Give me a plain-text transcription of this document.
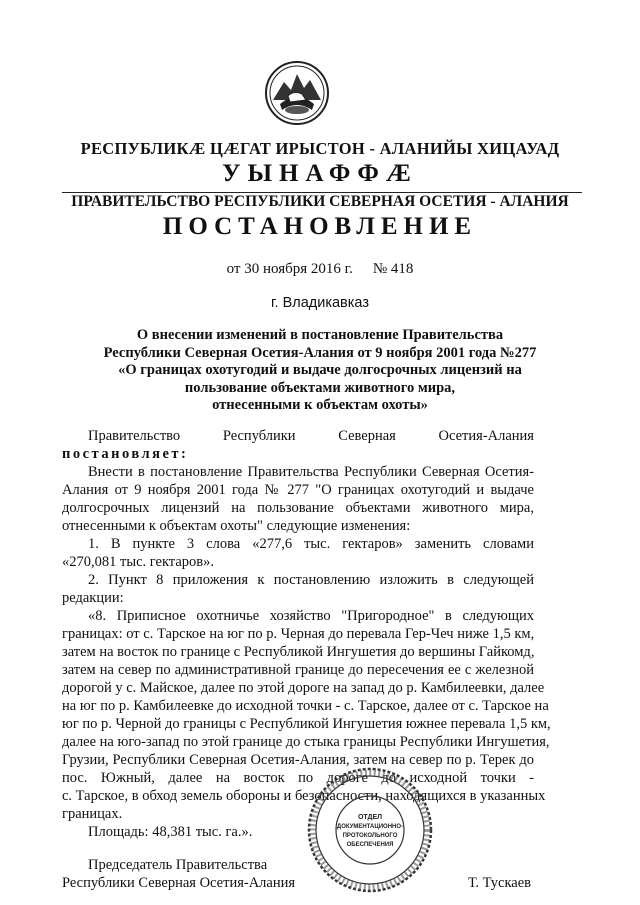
РЕСПУБЛИКӔ ЦӔГАТ ИРЫСТОН - АЛАНИЙЫ ХИЦАУАД
УЫНАФФӔ
ПРАВИТЕЛЬСТВО РЕСПУБЛИКИ СЕВЕРНАЯ ОСЕТИЯ - АЛАНИЯ
ПОСТАНОВЛЕНИЕ
от 30 ноября 2016 г. № 418
г. Владикавказ
О внесении изменений в постановление Правительства
Республики Северная Осетия-Алания от 9 ноября 2001 года №277
«О границах охотугодий и выдаче долгосрочных лицензий на
пользование объектами животного мира,
отнесенными к объектам охоты»
Правительство	Республики	Северная	Осетия-Алания
постановляет:
Внести в постановление Правительства Республики Северная Осетия-
Алания от 9 ноября 2001 года № 277 "О границах охотугодий и выдаче
долгосрочных лицензий на пользование объектами животного мира,
отнесенными к объектам охоты" следующие изменения:
1. В пункте 3 слова «277,6 тыс. гектаров» заменить словами
«270,081 тыс. гектаров».
2. Пункт 8 приложения к постановлению изложить в следующей
редакции:
«8. Приписное охотничье хозяйство "Пригородное" в следующих
границах: от с. Тарское на юг по р. Черная до перевала Гер-Чеч ниже 1,5 км,
затем на восток по границе с Республикой Ингушетия до вершины Гайкомд,
затем на север по административной границе до пересечения ее с железной
дорогой у с. Майское, далее по этой дороге на запад до р. Камбилеевки, далее
на юг по р. Камбилеевке до исходной точки - с. Тарское, далее от с. Тарское на
юг по р. Черной до границы с Республикой Ингушетия южнее перевала 1,5 км,
далее на юго-запад по этой границе до стыка границы Республики Ингушетия,
Грузии, Республики Северная Осетия-Алания, затем на север по р. Терек до
пос. Южный, далее на восток по дороге до исходной точки -
с. Тарское, в обход земель обороны и безопасности, находящихся в указанных
границах.
Площадь: 48,381 тыс. га.».
Председатель Правительства
Республики Северная Осетия-Алания	Т. Тускаев
ОТДЕЛ
ДОКУМЕНТАЦИОННО-
ПРОТОКОЛЬНОГО
ОБЕСПЕЧЕНИЯ
